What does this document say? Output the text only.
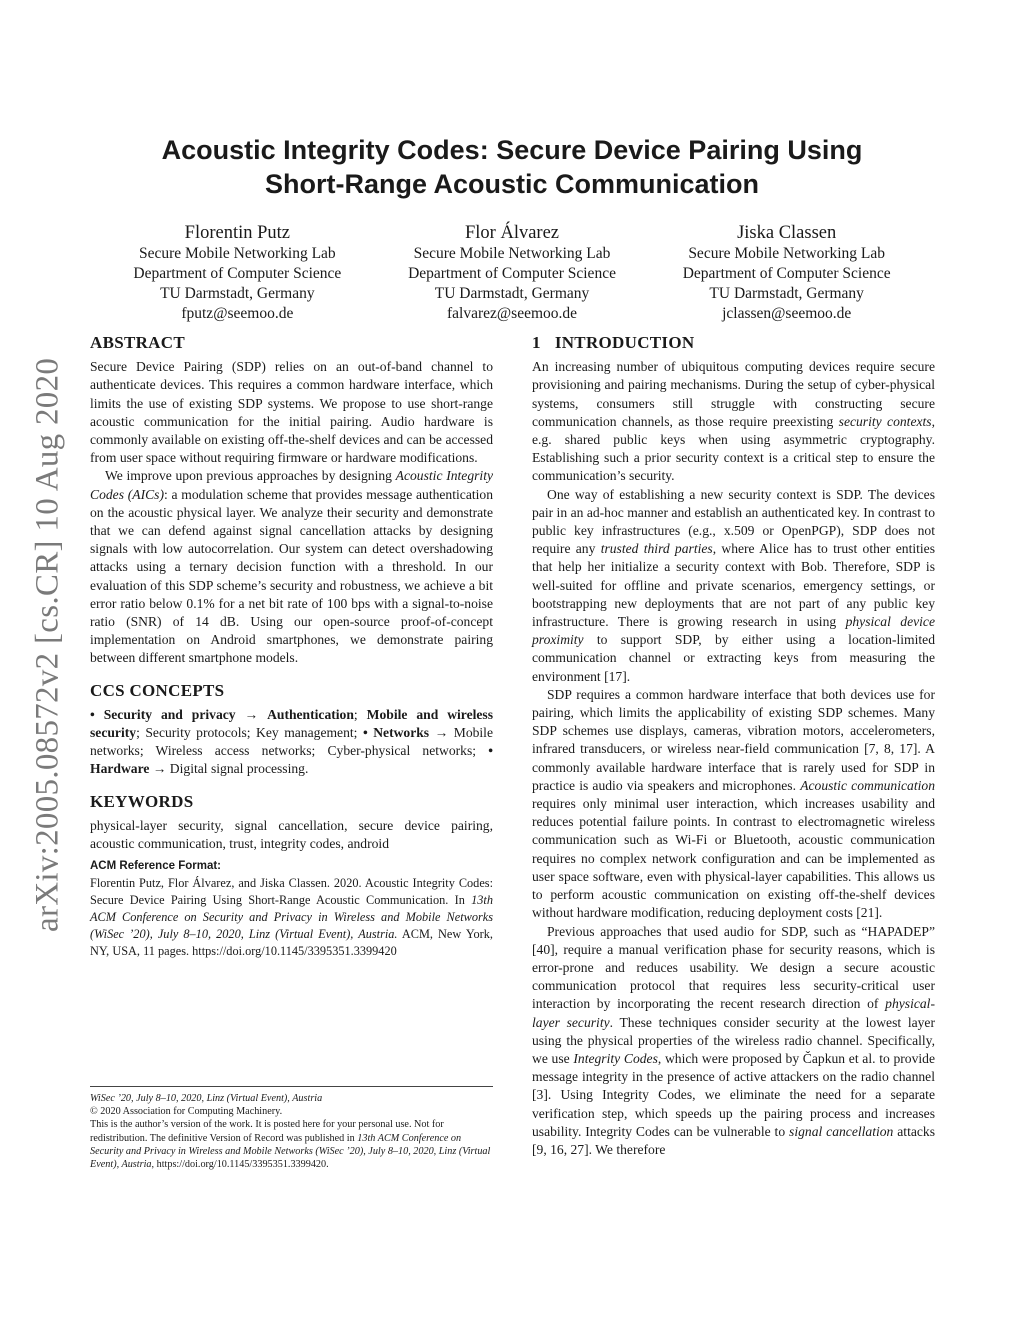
arXiv:2005.08572v2 [cs.CR] 10 Aug 2020
Acoustic Integrity Codes: Secure Device Pairing Using
Short-Range Acoustic Communication
Florentin Putz
Secure Mobile Networking Lab
Department of Computer Science
TU Darmstadt, Germany
fputz@seemoo.de
Flor Álvarez
Secure Mobile Networking Lab
Department of Computer Science
TU Darmstadt, Germany
falvarez@seemoo.de
Jiska Classen
Secure Mobile Networking Lab
Department of Computer Science
TU Darmstadt, Germany
jclassen@seemoo.de
ABSTRACT

Secure Device Pairing (SDP) relies on an out-of-band channel to authenticate devices. This requires a common hardware interface, which limits the use of existing SDP systems. We propose to use short-range acoustic communication for the initial pairing. Audio hardware is commonly available on existing off-the-shelf devices and can be accessed from user space without requiring firmware or hardware modifications.

We improve upon previous approaches by designing Acoustic Integrity Codes (AICs): a modulation scheme that provides message authentication on the acoustic physical layer. We analyze their security and demonstrate that we can defend against signal cancellation attacks by designing signals with low autocorrelation. Our system can detect overshadowing attacks using a ternary decision function with a threshold. In our evaluation of this SDP scheme’s security and robustness, we achieve a bit error ratio below 0.1% for a net bit rate of 100 bps with a signal-to-noise ratio (SNR) of 14 dB. Using our open-source proof-of-concept implementation on Android smartphones, we demonstrate pairing between different smartphone models.

CCS CONCEPTS

• Security and privacy → Authentication; Mobile and wireless security; Security protocols; Key management; • Networks → Mobile networks; Wireless access networks; Cyber-physical networks; • Hardware → Digital signal processing.

KEYWORDS

physical-layer security, signal cancellation, secure device pairing, acoustic communication, trust, integrity codes, android

ACM Reference Format:

Florentin Putz, Flor Álvarez, and Jiska Classen. 2020. Acoustic Integrity Codes: Secure Device Pairing Using Short-Range Acoustic Communication. In 13th ACM Conference on Security and Privacy in Wireless and Mobile Networks (WiSec ’20), July 8–10, 2020, Linz (Virtual Event), Austria. ACM, New York, NY, USA, 11 pages. https://doi.org/10.1145/3395351.3399420

WiSec ’20, July 8–10, 2020, Linz (Virtual Event), Austria

© 2020 Association for Computing Machinery.

This is the author’s version of the work. It is posted here for your personal use. Not for redistribution. The definitive Version of Record was published in 13th ACM Conference on Security and Privacy in Wireless and Mobile Networks (WiSec ’20), July 8–10, 2020, Linz (Virtual Event), Austria, https://doi.org/10.1145/3395351.3399420.

1 INTRODUCTION

An increasing number of ubiquitous computing devices require secure provisioning and pairing mechanisms. During the setup of cyber-physical systems, consumers still struggle with constructing secure communication channels, as those require preexisting security contexts, e.g. shared public keys when using asymmetric cryptography. Establishing such a prior security context is a critical step to ensure the communication’s security.

One way of establishing a new security context is SDP. The devices pair in an ad-hoc manner and establish an authenticated key. In contrast to public key infrastructures (e.g., x.509 or OpenPGP), SDP does not require any trusted third parties, where Alice has to trust other entities that help her initialize a security context with Bob. Therefore, SDP is well-suited for offline and private scenarios, emergency settings, or bootstrapping new deployments that are not part of any public key infrastructure. There is growing research in using physical device proximity to support SDP, by either using a location-limited communication channel or extracting keys from measuring the environment [17].

SDP requires a common hardware interface that both devices use for pairing, which limits the applicability of existing SDP schemes. Many SDP schemes use displays, cameras, vibration motors, accelerometers, infrared transducers, or wireless near-field communication [7, 8, 17]. A commonly available hardware interface that is rarely used for SDP in practice is audio via speakers and microphones. Acoustic communication requires only minimal user interaction, which increases usability and reduces potential failure points. In contrast to electromagnetic wireless communication such as Wi-Fi or Bluetooth, acoustic communication requires no complex network configuration and can be implemented as user space software, even with physical-layer capabilities. This allows us to perform acoustic communication on existing off-the-shelf devices without hardware modification, reducing deployment costs [21].

Previous approaches that used audio for SDP, such as “HAPADEP” [40], require a manual verification phase for security reasons, which is error-prone and reduces usability. We design a secure acoustic communication protocol that requires less security-critical user interaction by incorporating the recent research direction of physical-layer security. These techniques consider security at the lowest layer using the physical properties of the wireless radio channel. Specifically, we use Integrity Codes, which were proposed by Čapkun et al. to provide message integrity in the presence of active attackers on the radio channel [3]. Using Integrity Codes, we eliminate the need for a separate verification step, which speeds up the pairing process and increases usability. Integrity Codes can be vulnerable to signal cancellation attacks [9, 16, 27]. We therefore
